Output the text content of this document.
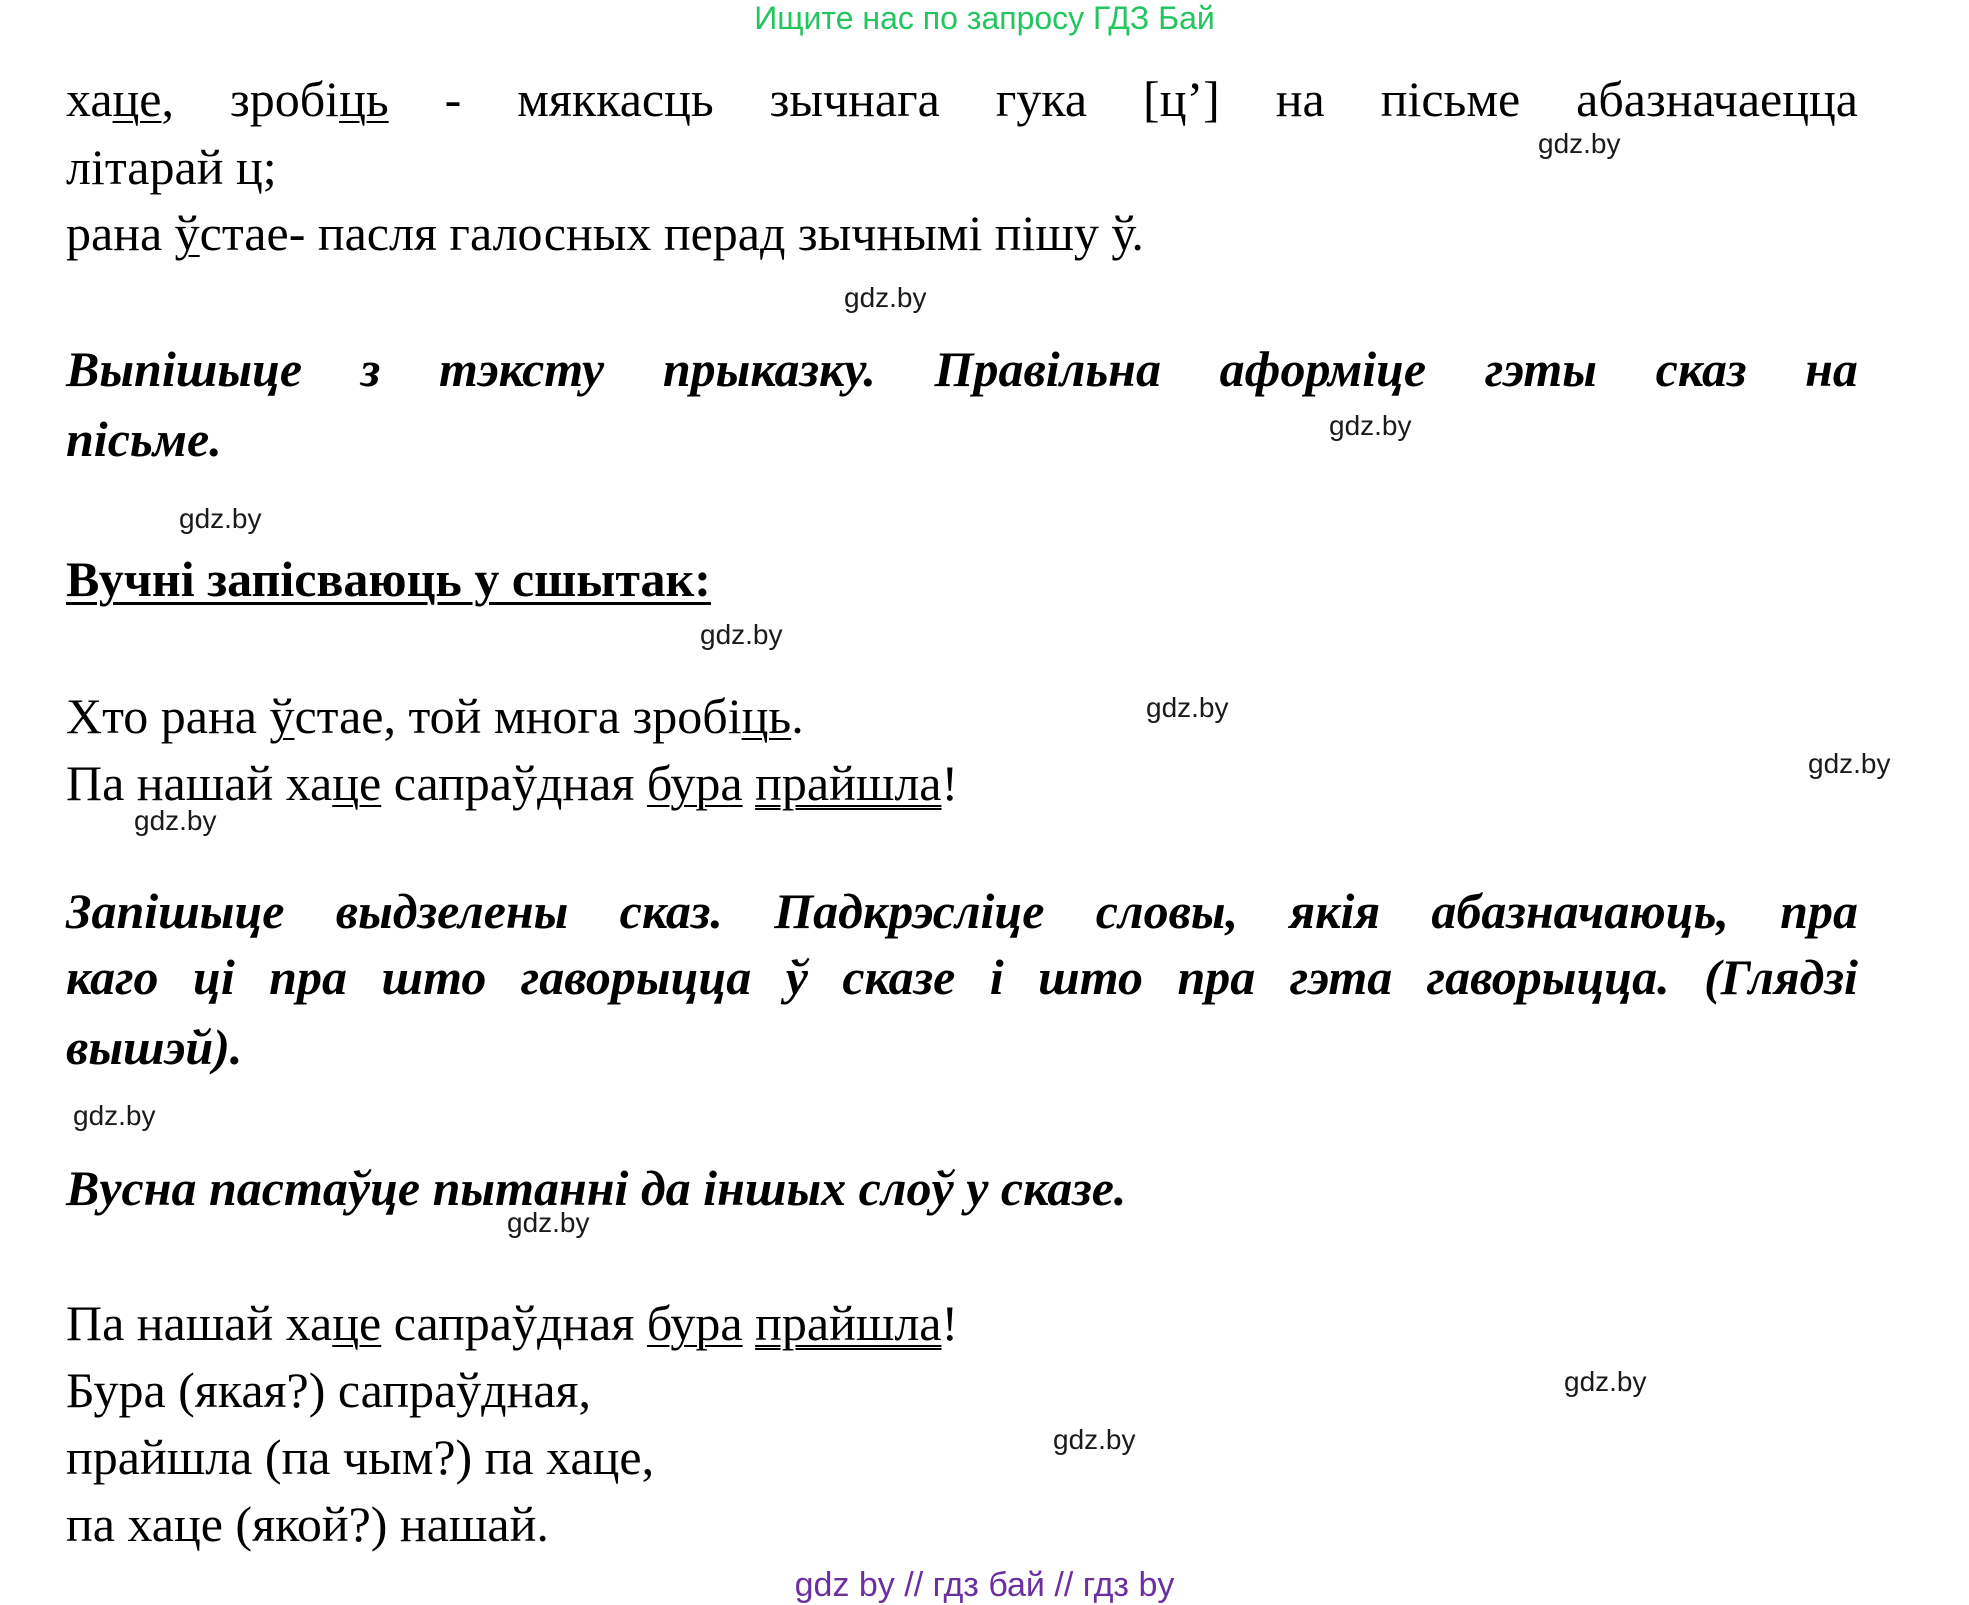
Ищите нас по запросу ГДЗ Бай
хаце, зробіць - мяккасць зычнага гука [ц’] на пісьме абазначаецца
літарай ц;
рана ўстае- пасля галосных перад зычнымі пішу ў.
Выпішыце з тэксту прыказку. Правільна аформіце гэты сказ на
пісьме.
Вучні запісваюць у сшытак:
Хто рана ўстае, той многа зробіць.
Па нашай хаце сапраўдная бура прайшла!
Запішыце выдзелены сказ. Падкрэсліце словы, якія абазначаюць, пра
каго ці пра што гаворыцца ў сказе і што пра гэта гаворыцца. (Глядзі
вышэй).
Вусна пастаўце пытанні да іншых слоў у сказе.
Па нашай хаце сапраўдная бура прайшла!
Бура (якая?) сапраўдная,
прайшла (па чым?) па хаце,
па хаце (якой?) нашай.
gdz.by
gdz.by
gdz.by
gdz.by
gdz.by
gdz.by
gdz.by
gdz.by
gdz.by
gdz.by
gdz.by
gdz.by
gdz by // гдз бай // гдз by
